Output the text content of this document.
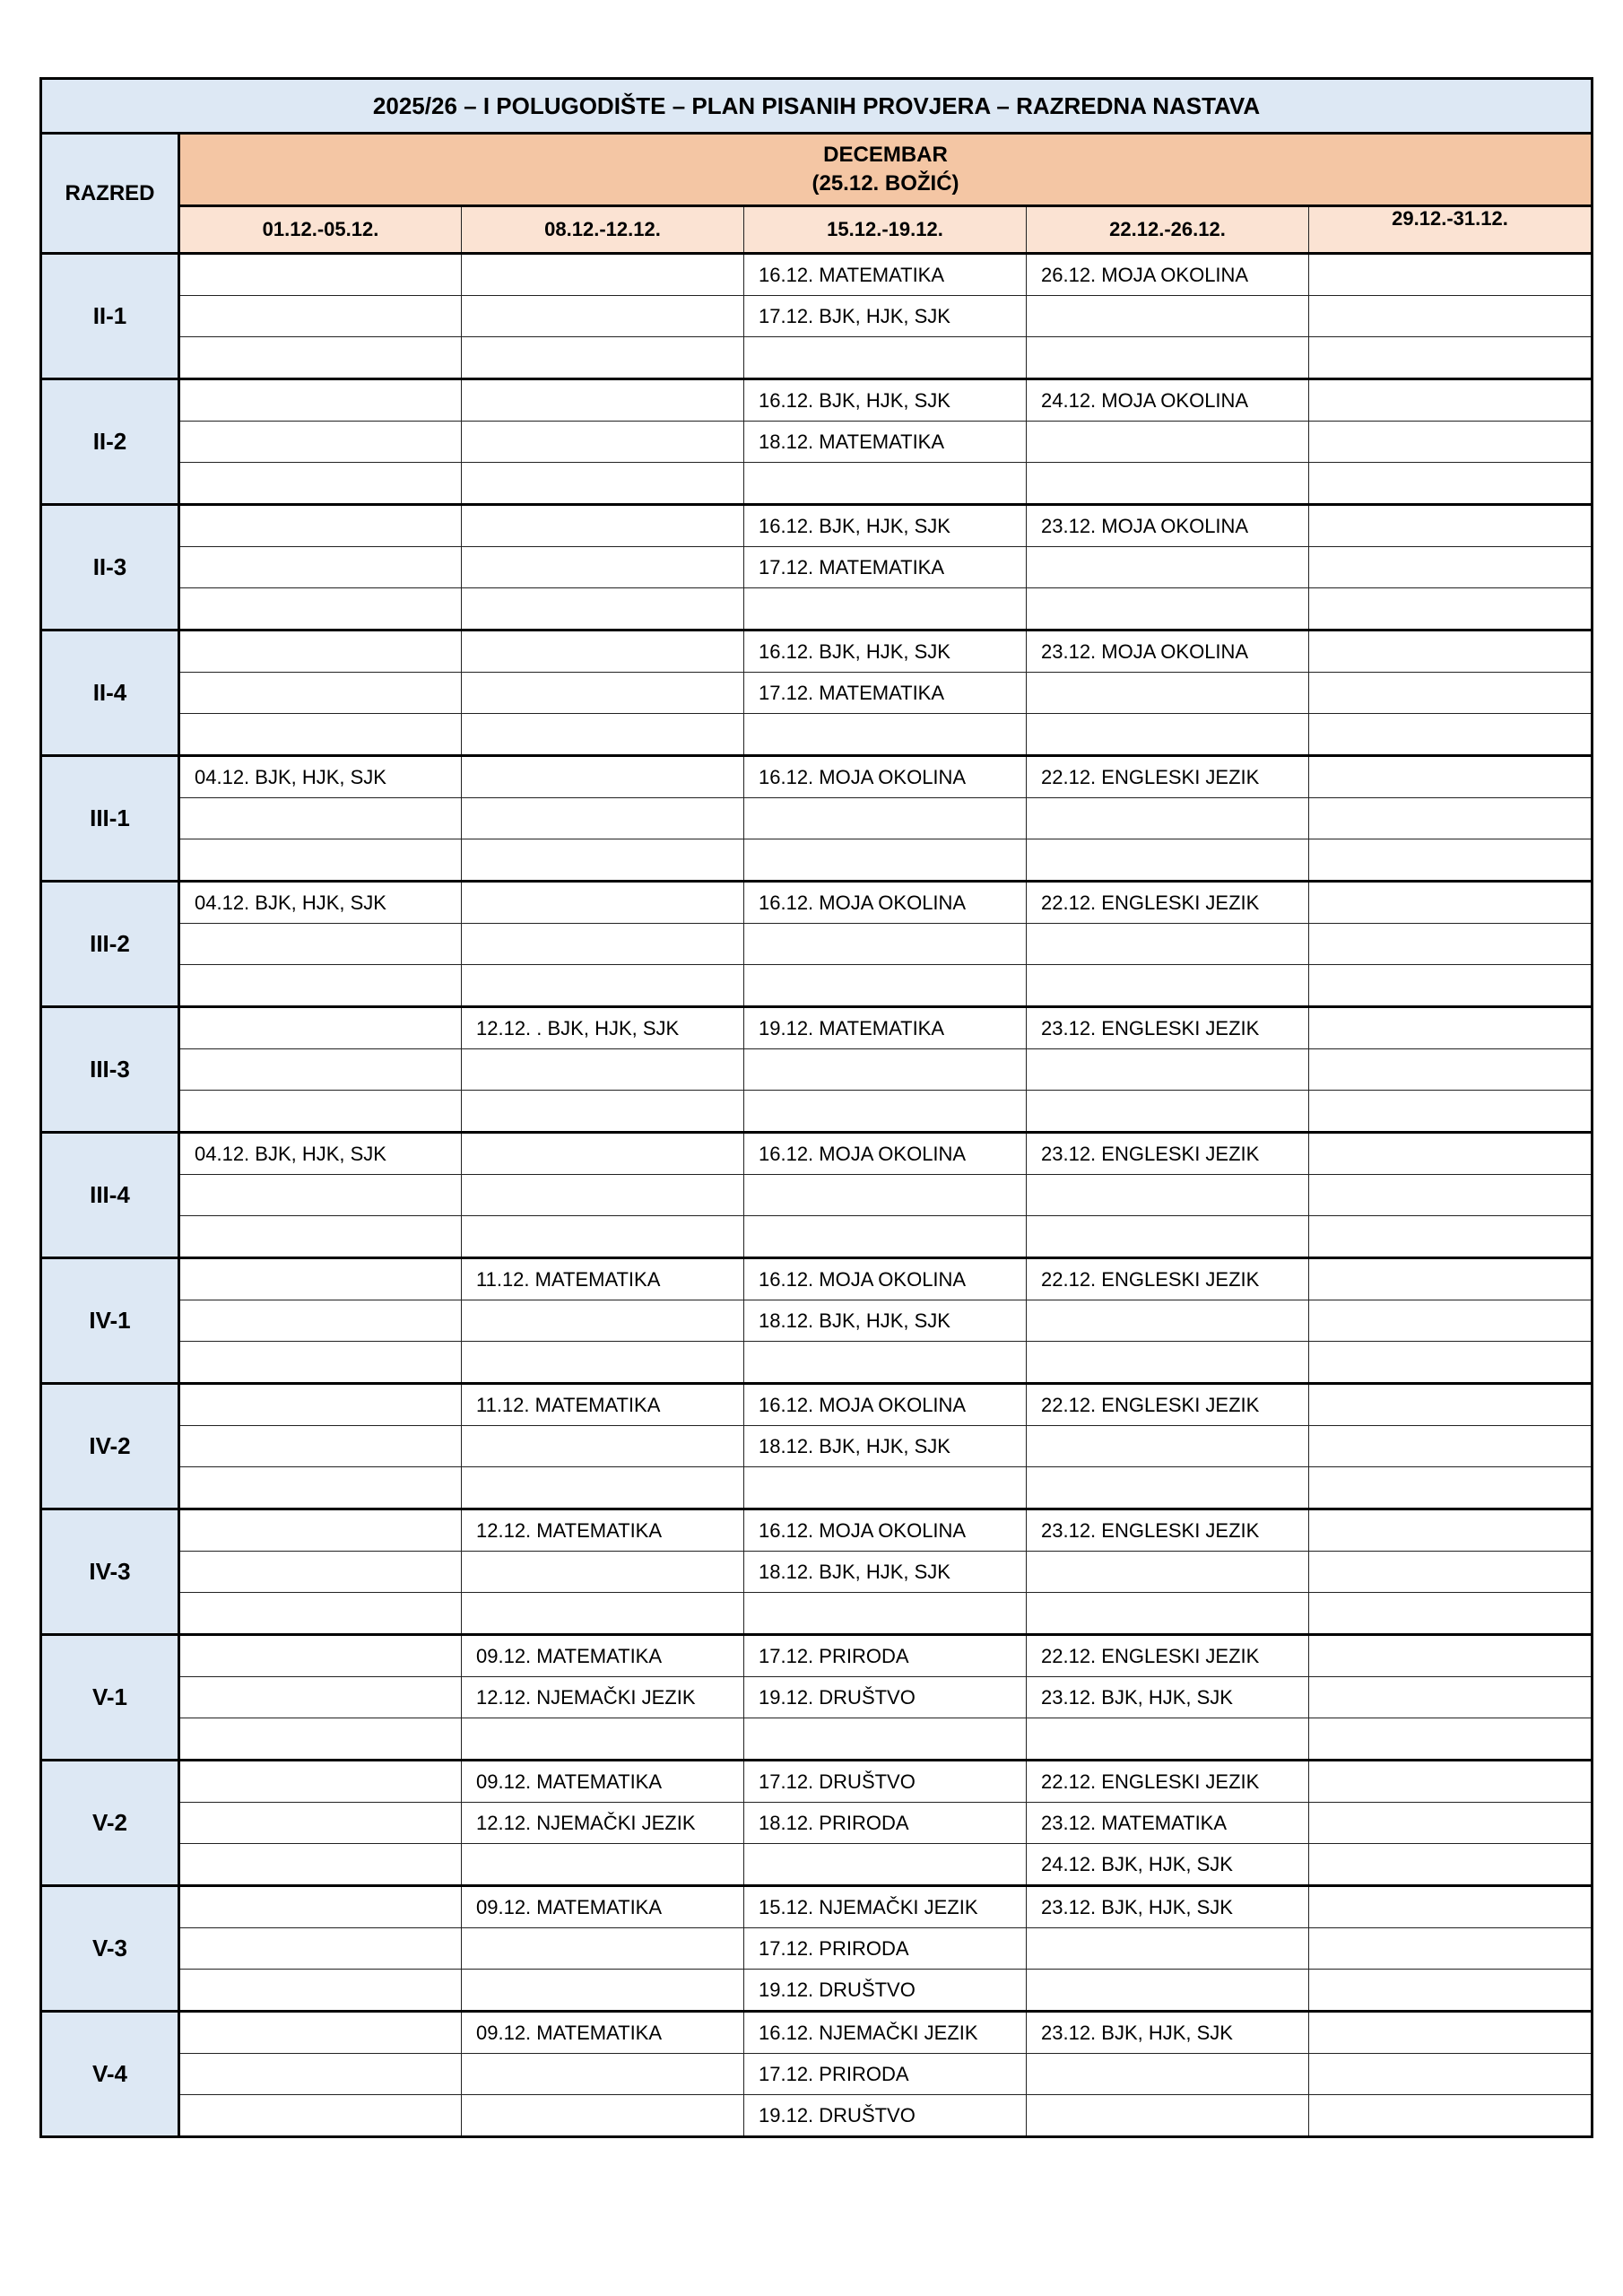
2025/26 – I POLUGODIŠTE – PLAN PISANIH PROVJERA – RAZREDNA NASTAVA					
RAZRED	DECEMBAR
(25.12. BOŽIĆ)				

	01.12.-05.12.	08.12.-12.12.	15.12.-19.12.	22.12.-26.12.	29.12.-31.12.
II-1			16.12. MATEMATIKA	26.12. MOJA OKOLINA	
			17.12. BJK, HJK, SJK		

II-2			16.12. BJK, HJK, SJK	24.12. MOJA OKOLINA	
			18.12. MATEMATIKA		

II-3			16.12. BJK, HJK, SJK	23.12. MOJA OKOLINA	
			17.12. MATEMATIKA		

II-4			16.12. BJK, HJK, SJK	23.12. MOJA OKOLINA	
			17.12. MATEMATIKA		

III-1	04.12. BJK, HJK, SJK		16.12. MOJA OKOLINA	22.12. ENGLESKI JEZIK	

III-2	04.12. BJK, HJK, SJK		16.12. MOJA OKOLINA	22.12. ENGLESKI JEZIK	

III-3		12.12. . BJK, HJK, SJK	19.12. MATEMATIKA	23.12. ENGLESKI JEZIK	

III-4	04.12. BJK, HJK, SJK		16.12. MOJA OKOLINA	23.12. ENGLESKI JEZIK	

IV-1		11.12. MATEMATIKA	16.12. MOJA OKOLINA	22.12. ENGLESKI JEZIK	
			18.12. BJK, HJK, SJK		

IV-2		11.12. MATEMATIKA	16.12. MOJA OKOLINA	22.12. ENGLESKI JEZIK	
			18.12. BJK, HJK, SJK		

IV-3		12.12. MATEMATIKA	16.12. MOJA OKOLINA	23.12. ENGLESKI JEZIK	
			18.12. BJK, HJK, SJK		

V-1		09.12. MATEMATIKA	17.12. PRIRODA	22.12. ENGLESKI JEZIK	
		12.12. NJEMAČKI JEZIK	19.12. DRUŠTVO	23.12. BJK, HJK, SJK	

V-2		09.12. MATEMATIKA	17.12. DRUŠTVO	22.12. ENGLESKI JEZIK	
		12.12. NJEMAČKI JEZIK	18.12. PRIRODA	23.12. MATEMATIKA	
				24.12. BJK, HJK, SJK	
V-3		09.12. MATEMATIKA	15.12. NJEMAČKI JEZIK	23.12. BJK, HJK, SJK	
			17.12. PRIRODA		
			19.12. DRUŠTVO		
V-4		09.12. MATEMATIKA	16.12. NJEMAČKI JEZIK	23.12. BJK, HJK, SJK	
			17.12. PRIRODA		
			19.12. DRUŠTVO		
